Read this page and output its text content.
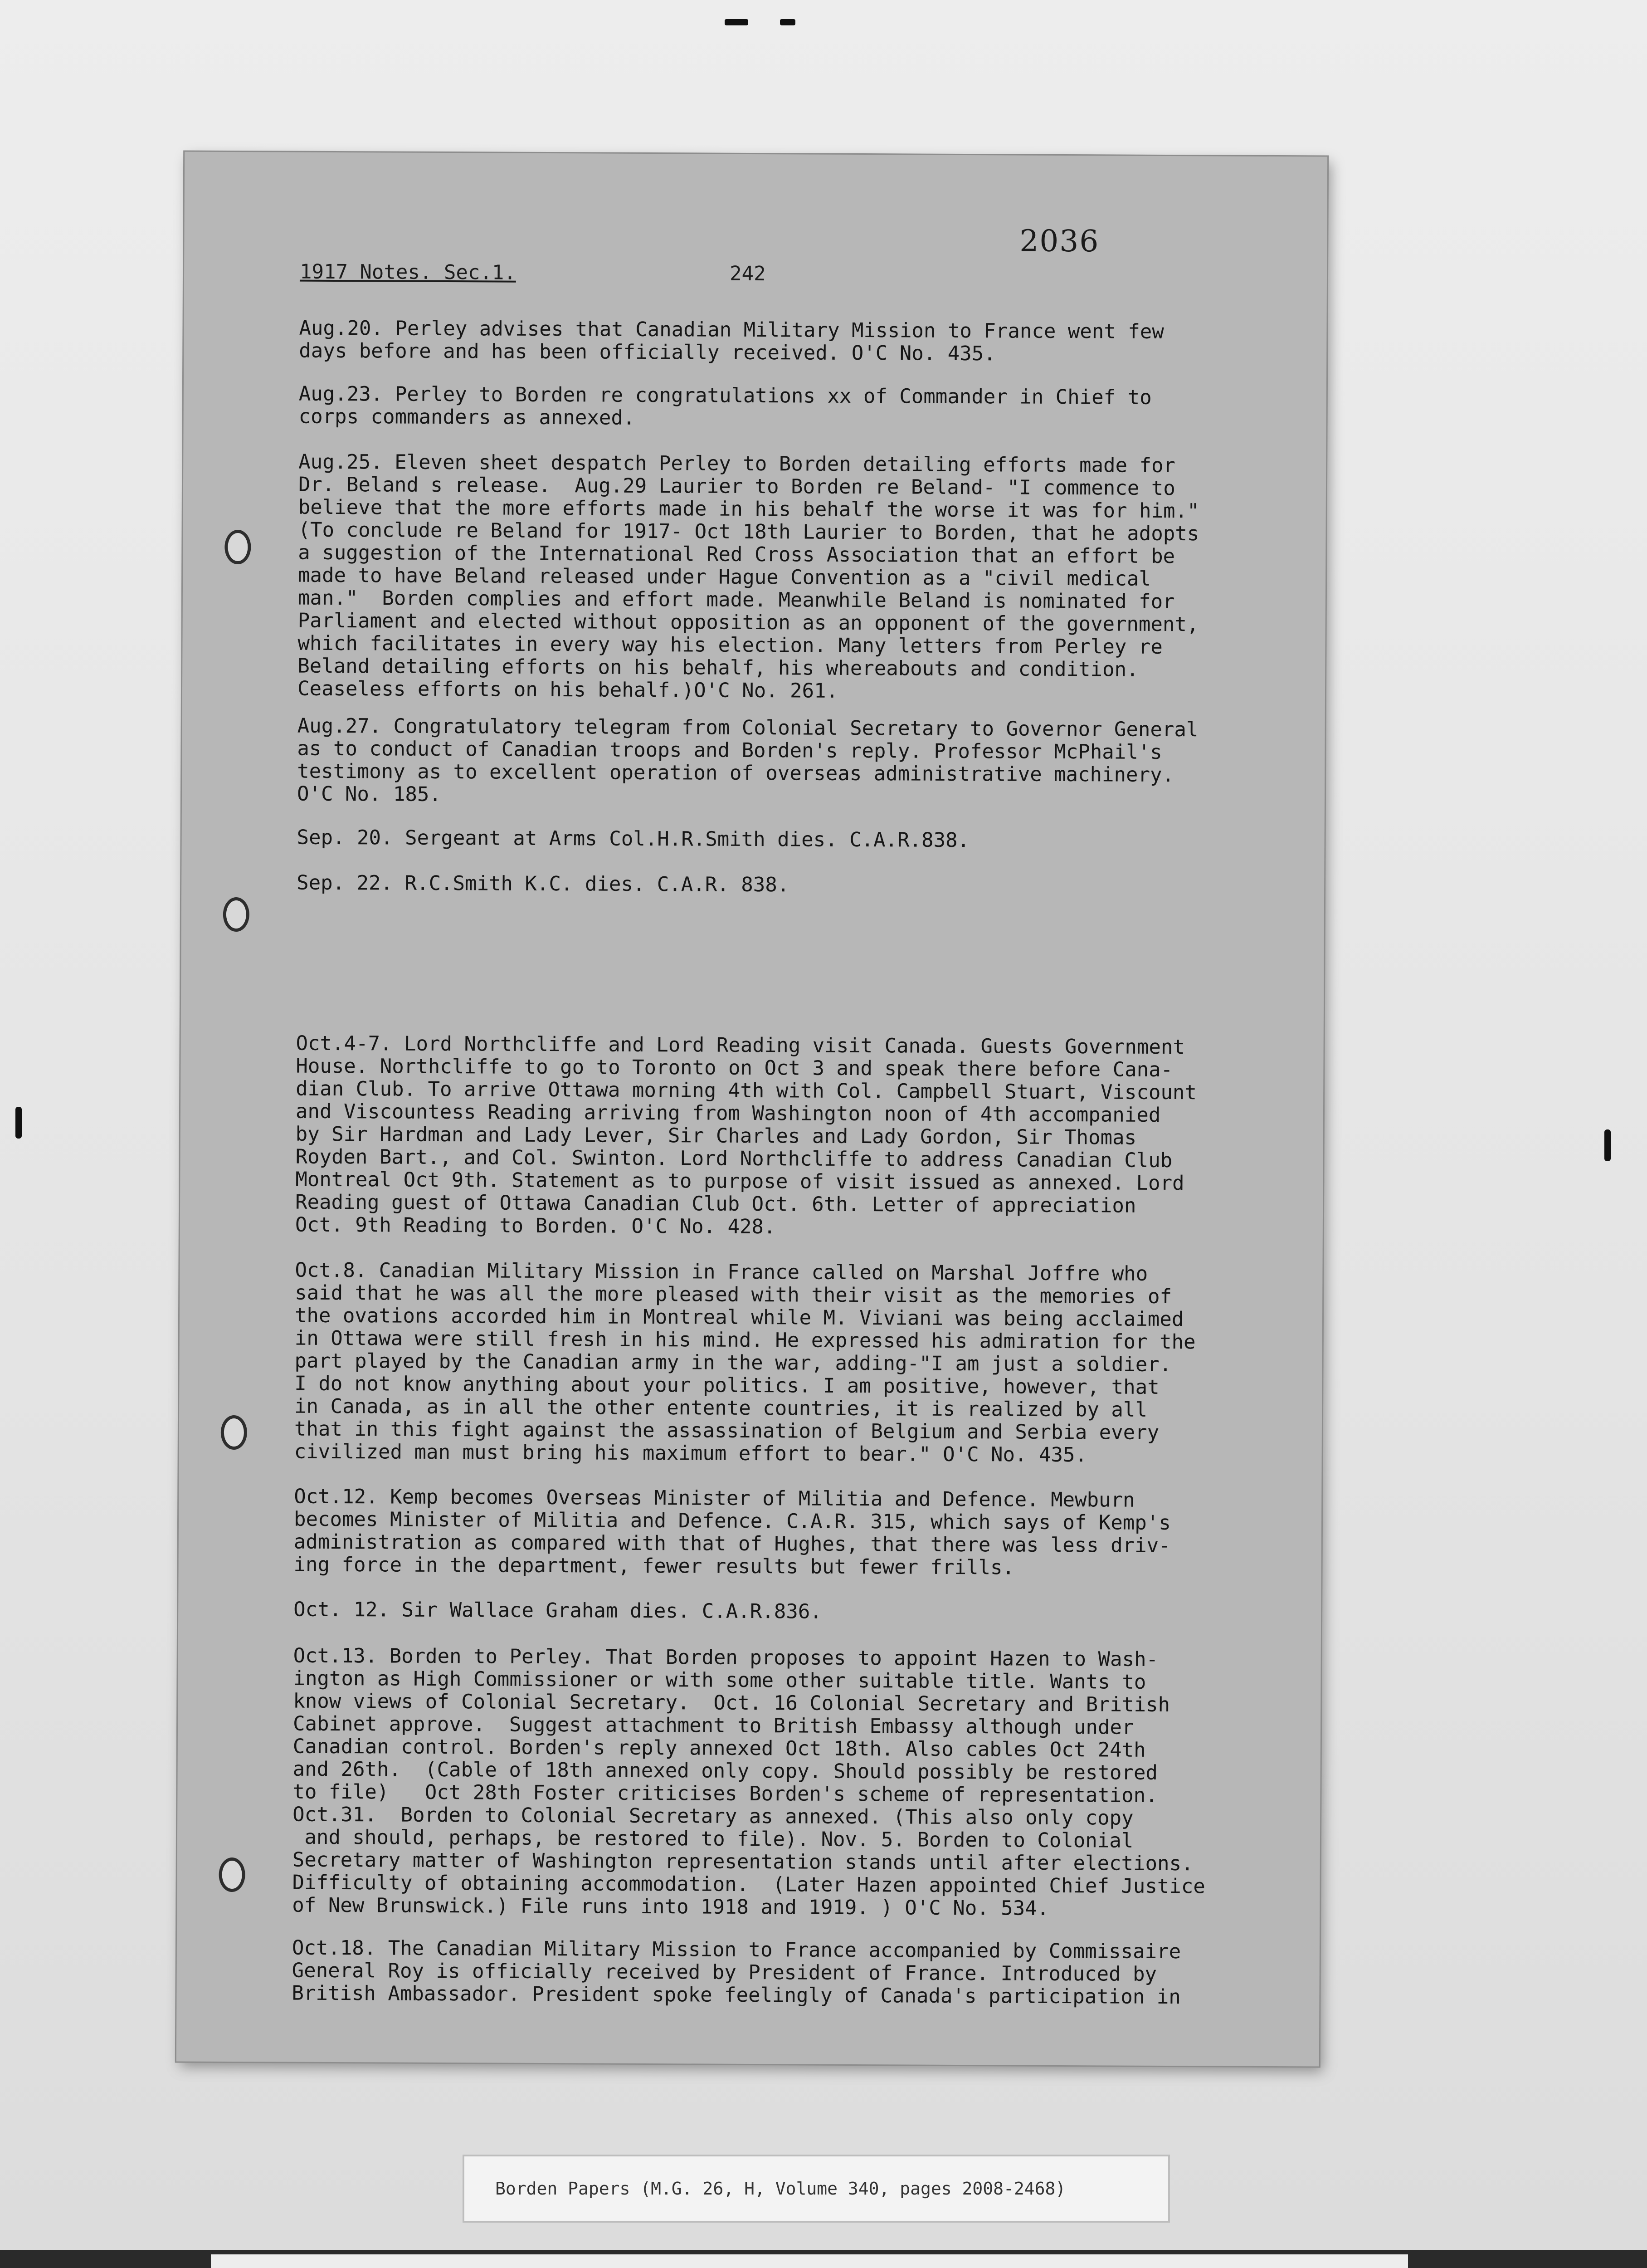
2036
1917 Notes. Sec.1.	242

Aug.20. Perley advises that Canadian Military Mission to France went few
days before and has been officially received. O'C No. 435.

Aug.23. Perley to Borden re congratulations xx of Commander in Chief to
corps commanders as annexed.

Aug.25. Eleven sheet despatch Perley to Borden detailing efforts made for
Dr. Beland s release.  Aug.29 Laurier to Borden re Beland- "I commence to
believe that the more efforts made in his behalf the worse it was for him."
(To conclude re Beland for 1917- Oct 18th Laurier to Borden, that he adopts
a suggestion of the International Red Cross Association that an effort be
made to have Beland released under Hague Convention as a "civil medical
man."  Borden complies and effort made. Meanwhile Beland is nominated for
Parliament and elected without opposition as an opponent of the government,
which facilitates in every way his election. Many letters from Perley re
Beland detailing efforts on his behalf, his whereabouts and condition.
Ceaseless efforts on his behalf.)O'C No. 261.

Aug.27. Congratulatory telegram from Colonial Secretary to Governor General
as to conduct of Canadian troops and Borden's reply. Professor McPhail's
testimony as to excellent operation of overseas administrative machinery.
O'C No. 185.

Sep. 20. Sergeant at Arms Col.H.R.Smith dies. C.A.R.838.

Sep. 22. R.C.Smith K.C. dies. C.A.R. 838.

Oct.4-7. Lord Northcliffe and Lord Reading visit Canada. Guests Government
House. Northcliffe to go to Toronto on Oct 3 and speak there before Cana-
dian Club. To arrive Ottawa morning 4th with Col. Campbell Stuart, Viscount
and Viscountess Reading arriving from Washington noon of 4th accompanied
by Sir Hardman and Lady Lever, Sir Charles and Lady Gordon, Sir Thomas
Royden Bart., and Col. Swinton. Lord Northcliffe to address Canadian Club
Montreal Oct 9th. Statement as to purpose of visit issued as annexed. Lord
Reading guest of Ottawa Canadian Club Oct. 6th. Letter of appreciation
Oct. 9th Reading to Borden. O'C No. 428.

Oct.8. Canadian Military Mission in France called on Marshal Joffre who
said that he was all the more pleased with their visit as the memories of
the ovations accorded him in Montreal while M. Viviani was being acclaimed
in Ottawa were still fresh in his mind. He expressed his admiration for the
part played by the Canadian army in the war, adding-"I am just a soldier.
I do not know anything about your politics. I am positive, however, that
in Canada, as in all the other entente countries, it is realized by all
that in this fight against the assassination of Belgium and Serbia every
civilized man must bring his maximum effort to bear." O'C No. 435.

Oct.12. Kemp becomes Overseas Minister of Militia and Defence. Mewburn
becomes Minister of Militia and Defence. C.A.R. 315, which says of Kemp's
administration as compared with that of Hughes, that there was less driv-
ing force in the department, fewer results but fewer frills.

Oct. 12. Sir Wallace Graham dies. C.A.R.836.

Oct.13. Borden to Perley. That Borden proposes to appoint Hazen to Wash-
ington as High Commissioner or with some other suitable title. Wants to
know views of Colonial Secretary.  Oct. 16 Colonial Secretary and British
Cabinet approve.  Suggest attachment to British Embassy although under
Canadian control. Borden's reply annexed Oct 18th. Also cables Oct 24th
and 26th.  (Cable of 18th annexed only copy. Should possibly be restored
to file)   Oct 28th Foster criticises Borden's scheme of representation.
Oct.31.  Borden to Colonial Secretary as annexed. (This also only copy
and should, perhaps, be restored to file). Nov. 5. Borden to Colonial
Secretary matter of Washington representation stands until after elections.
Difficulty of obtaining accommodation.  (Later Hazen appointed Chief Justice
of New Brunswick.) File runs into 1918 and 1919. ) O'C No. 534.

Oct.18. The Canadian Military Mission to France accompanied by Commissaire
General Roy is officially received by President of France. Introduced by
British Ambassador. President spoke feelingly of Canada's participation in

Borden Papers (M.G. 26, H, Volume 340, pages 2008-2468)
